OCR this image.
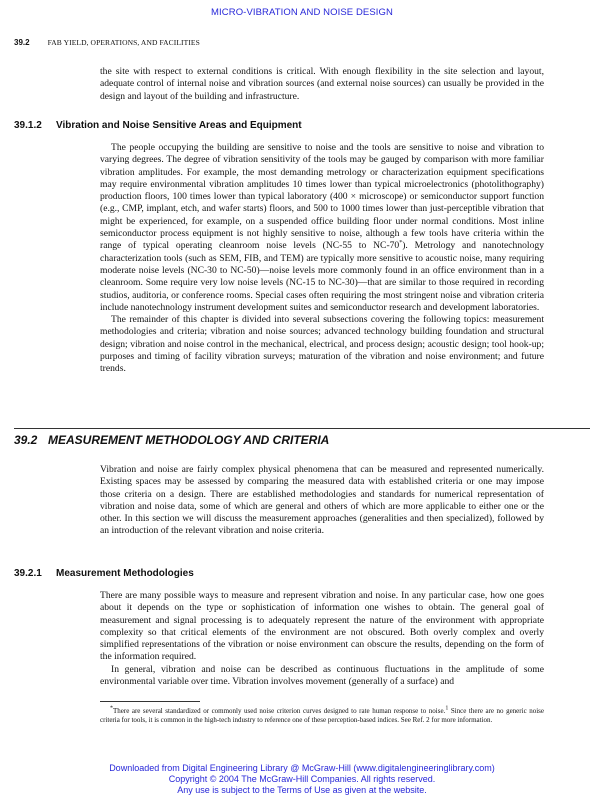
MICRO-VIBRATION AND NOISE DESIGN
39.2 FAB YIELD, OPERATIONS, AND FACILITIES

the site with respect to external conditions is critical. With enough flexibility in the site selection and layout, adequate control of internal noise and vibration sources (and external noise sources) can usually be provided in the design and layout of the building and infrastructure.

39.1.2 Vibration and Noise Sensitive Areas and Equipment

The people occupying the building are sensitive to noise and the tools are sensitive to noise and vibration to varying degrees. The degree of vibration sensitivity of the tools may be gauged by comparison with more familiar vibration amplitudes. For example, the most demanding metrology or characterization equipment specifications may require environmental vibration amplitudes 10 times lower than typical microelectronics (photolithography) production floors, 100 times lower than typical laboratory (400 × microscope) or semiconductor support function (e.g., CMP, implant, etch, and wafer starts) floors, and 500 to 1000 times lower than just-perceptible vibration that might be experienced, for example, on a suspended office building floor under normal conditions. Most inline semiconductor process equipment is not highly sensitive to noise, although a few tools have criteria within the range of typical operating cleanroom noise levels (NC-55 to NC-70*). Metrology and nanotechnology characterization tools (such as SEM, FIB, and TEM) are typically more sensitive to acoustic noise, many requiring moderate noise levels (NC-30 to NC-50)—noise levels more commonly found in an office environment than in a cleanroom. Some require very low noise levels (NC-15 to NC-30)—that are similar to those required in recording studios, auditoria, or conference rooms. Special cases often requiring the most stringent noise and vibration criteria include nanotechnology instrument development suites and semiconductor research and development laboratories.

The remainder of this chapter is divided into several subsections covering the following topics: measurement methodologies and criteria; vibration and noise sources; advanced technology building foundation and structural design; vibration and noise control in the mechanical, electrical, and process design; acoustic design; tool hook-up; purposes and timing of facility vibration surveys; maturation of the vibration and noise environment; and future trends.

39.2 MEASUREMENT METHODOLOGY AND CRITERIA

Vibration and noise are fairly complex physical phenomena that can be measured and represented numerically. Existing spaces may be assessed by comparing the measured data with established criteria or one may impose those criteria on a design. There are established methodologies and standards for numerical representation of vibration and noise data, some of which are general and others of which are more applicable to either one or the other. In this section we will discuss the measurement approaches (generalities and then specialized), followed by an introduction of the relevant vibration and noise criteria.

39.2.1 Measurement Methodologies

There are many possible ways to measure and represent vibration and noise. In any particular case, how one goes about it depends on the type or sophistication of information one wishes to obtain. The general goal of measurement and signal processing is to adequately represent the nature of the environment with appropriate complexity so that critical elements of the environment are not obscured. Both overly complex and overly simplified representations of the vibration or noise environment can obscure the results, depending on the form of the information required.

In general, vibration and noise can be described as continuous fluctuations in the amplitude of some environmental variable over time. Vibration involves movement (generally of a surface) and

*There are several standardized or commonly used noise criterion curves designed to rate human response to noise.$^1$ Since there are no generic noise criteria for tools, it is common in the high-tech industry to reference one of these perception-based indices. See Ref. 2 for more information.

Downloaded from Digital Engineering Library @ McGraw-Hill (www.digitalengineeringlibrary.com)
Copyright © 2004 The McGraw-Hill Companies. All rights reserved.
Any use is subject to the Terms of Use as given at the website.
